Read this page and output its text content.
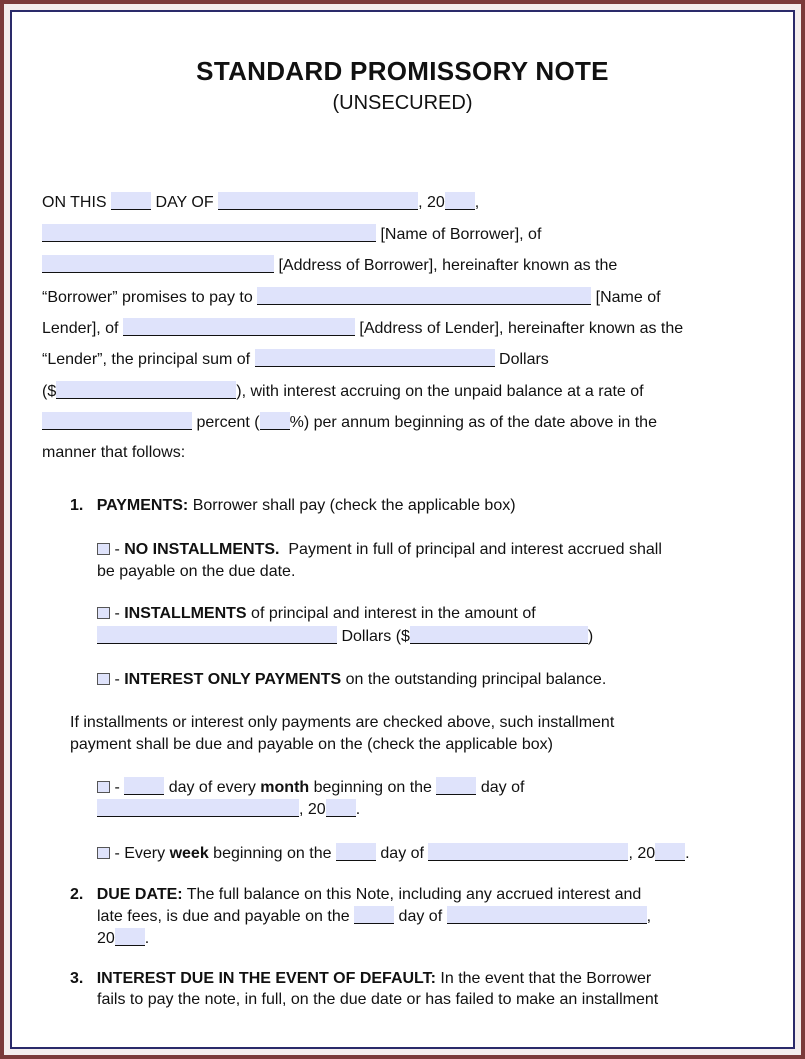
STANDARD PROMISSORY NOTE
(UNSECURED)
ON THIS	DAY OF	, 20 ,
[Name of Borrower], of
[Address of Borrower], hereinafter known as the
“Borrower” promises to pay to	[Name of
Lender], of	[Address of Lender], hereinafter known as the
“Lender”, the principal sum of	Dollars
($	), with interest accruing on the unpaid balance at a rate of
percent ( %) per annum beginning as of the date above in the
manner that follows:
1. PAYMENTS: Borrower shall pay (check the applicable box)
- NO INSTALLMENTS. Payment in full of principal and interest accrued shall
be payable on the due date.
- INSTALLMENTS of principal and interest in the amount of
Dollars ($	)
- INTEREST ONLY PAYMENTS on the outstanding principal balance.
If installments or interest only payments are checked above, such installment
payment shall be due and payable on the (check the applicable box)
-	day of every month beginning on the	day of
, 20 .
- Every week beginning on the	day of	, 20 .
2. DUE DATE: The full balance on this Note, including any accrued interest and
late fees, is due and payable on the	day of	,
20 .
3. INTEREST DUE IN THE EVENT OF DEFAULT: In the event that the Borrower
fails to pay the note, in full, on the due date or has failed to make an installment
